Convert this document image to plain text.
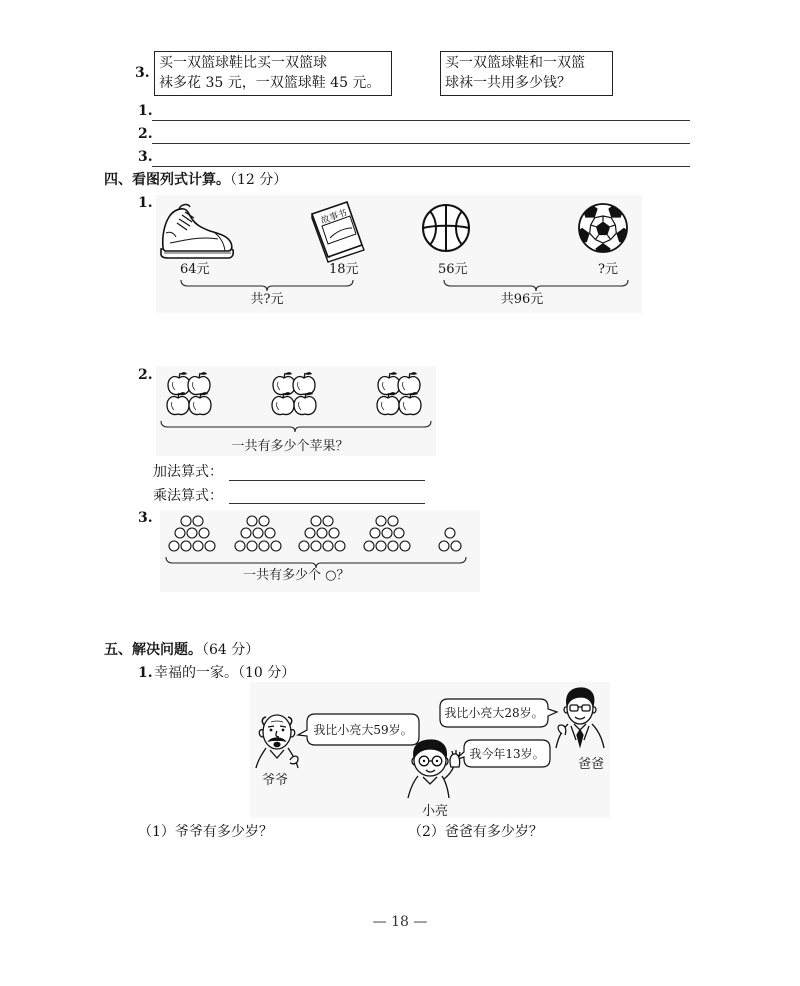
3.
买一双篮球鞋比买一双篮球
袜多花 35 元，一双篮球鞋 45 元。
买一双篮球鞋和一双篮
球袜一共用多少钱？
1.
2.
3.
四、看图列式计算。（12 分）
1.
故事书
64元	18元	56元	?元
共?元	共96元
2.
一共有多少个苹果？
加法算式：
乘法算式：
3.
一共有多少个 ○？
五、解决问题。（64 分）
1. 幸福的一家。（10 分）
爷爷
我比小亮大59岁。
我比小亮大28岁。
我今年13岁。
小亮
爸爸
（1）爷爷有多少岁？	（2）爸爸有多少岁？
— 18 —
